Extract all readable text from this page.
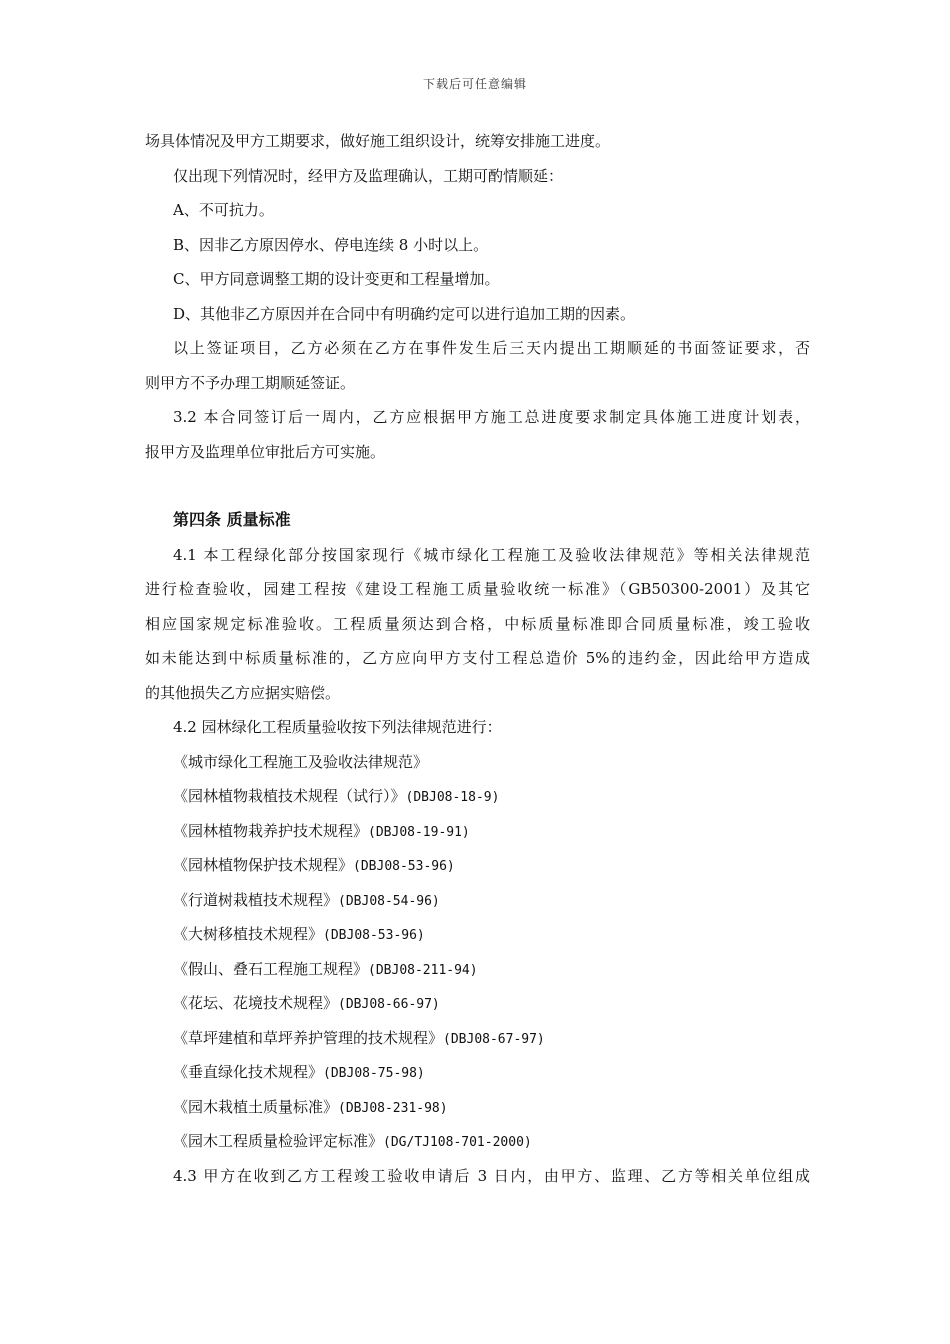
下载后可任意编辑
场具体情况及甲方工期要求，做好施工组织设计，统筹安排施工进度。
仅出现下列情况时，经甲方及监理确认，工期可酌情顺延：
A、不可抗力。
B、因非乙方原因停水、停电连续 8 小时以上。
C、甲方同意调整工期的设计变更和工程量增加。
D、其他非乙方原因并在合同中有明确约定可以进行追加工期的因素。
以上签证项目，乙方必须在乙方在事件发生后三天内提出工期顺延的书面签证要求，否
则甲方不予办理工期顺延签证。
3.2 本合同签订后一周内，乙方应根据甲方施工总进度要求制定具体施工进度计划表，
报甲方及监理单位审批后方可实施。
第四条 质量标准
4.1 本工程绿化部分按国家现行《城市绿化工程施工及验收法律规范》等相关法律规范
进行检查验收，园建工程按《建设工程施工质量验收统一标准》（GB50300-2001）及其它
相应国家规定标准验收。工程质量须达到合格，中标质量标准即合同质量标准，竣工验收
如未能达到中标质量标准的，乙方应向甲方支付工程总造价 5%的违约金，因此给甲方造成
的其他损失乙方应据实赔偿。
4.2 园林绿化工程质量验收按下列法律规范进行：
《城市绿化工程施工及验收法律规范》
《园林植物栽植技术规程（试行）》(DBJ08-18-9)
《园林植物栽养护技术规程》(DBJ08-19-91)
《园林植物保护技术规程》(DBJ08-53-96)
《行道树栽植技术规程》(DBJ08-54-96)
《大树移植技术规程》(DBJ08-53-96)
《假山、叠石工程施工规程》(DBJ08-211-94)
《花坛、花境技术规程》(DBJ08-66-97)
《草坪建植和草坪养护管理的技术规程》(DBJ08-67-97)
《垂直绿化技术规程》(DBJ08-75-98)
《园木栽植土质量标准》(DBJ08-231-98)
《园木工程质量检验评定标准》(DG/TJ108-701-2000)
4.3 甲方在收到乙方工程竣工验收申请后 3 日内，由甲方、监理、乙方等相关单位组成
